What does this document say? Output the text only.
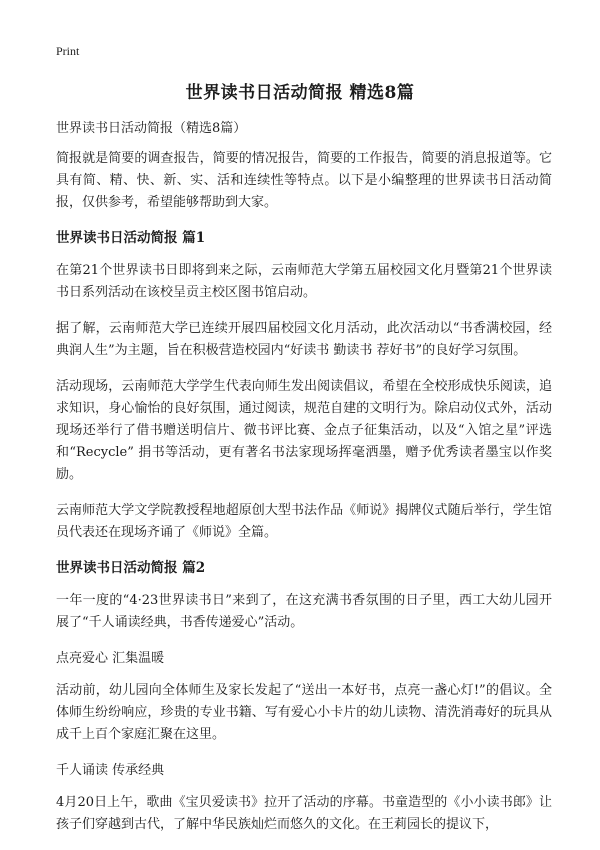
Print
世界读书日活动简报 精选8篇

世界读书日活动简报（精选8篇）

简报就是简要的调查报告，简要的情况报告，简要的工作报告，简要的消息报道等。它具有简、精、快、新、实、活和连续性等特点。以下是小编整理的世界读书日活动简报，仅供参考，希望能够帮助到大家。

世界读书日活动简报 篇1

在第21个世界读书日即将到来之际，云南师范大学第五届校园文化月暨第21个世界读书日系列活动在该校呈贡主校区图书馆启动。

据了解，云南师范大学已连续开展四届校园文化月活动，此次活动以“书香满校园，经典润人生”为主题，旨在积极营造校园内“好读书 勤读书 荐好书”的良好学习氛围。

活动现场，云南师范大学学生代表向师生发出阅读倡议，希望在全校形成快乐阅读，追求知识，身心愉怡的良好氛围，通过阅读，规范自建的文明行为。除启动仪式外，活动现场还举行了借书赠送明信片、微书评比赛、金点子征集活动，以及“入馆之星”评选和“Recycle” 捐书等活动，更有著名书法家现场挥毫洒墨，赠予优秀读者墨宝以作奖励。

云南师范大学文学院教授程地超原创大型书法作品《师说》揭牌仪式随后举行，学生馆员代表还在现场齐诵了《师说》全篇。

世界读书日活动简报 篇2

一年一度的“4·23世界读书日”来到了，在这充满书香氛围的日子里，西工大幼儿园开展了“千人诵读经典，书香传递爱心”活动。

点亮爱心 汇集温暖

活动前，幼儿园向全体师生及家长发起了“送出一本好书，点亮一盏心灯!”的倡议。全体师生纷纷响应，珍贵的专业书籍、写有爱心小卡片的幼儿读物、清洗消毒好的玩具从成千上百个家庭汇聚在这里。

千人诵读 传承经典

4月20日上午，歌曲《宝贝爱读书》拉开了活动的序幕。书童造型的《小小读书郎》让孩子们穿越到古代，了解中华民族灿烂而悠久的文化。在王莉园长的提议下，
